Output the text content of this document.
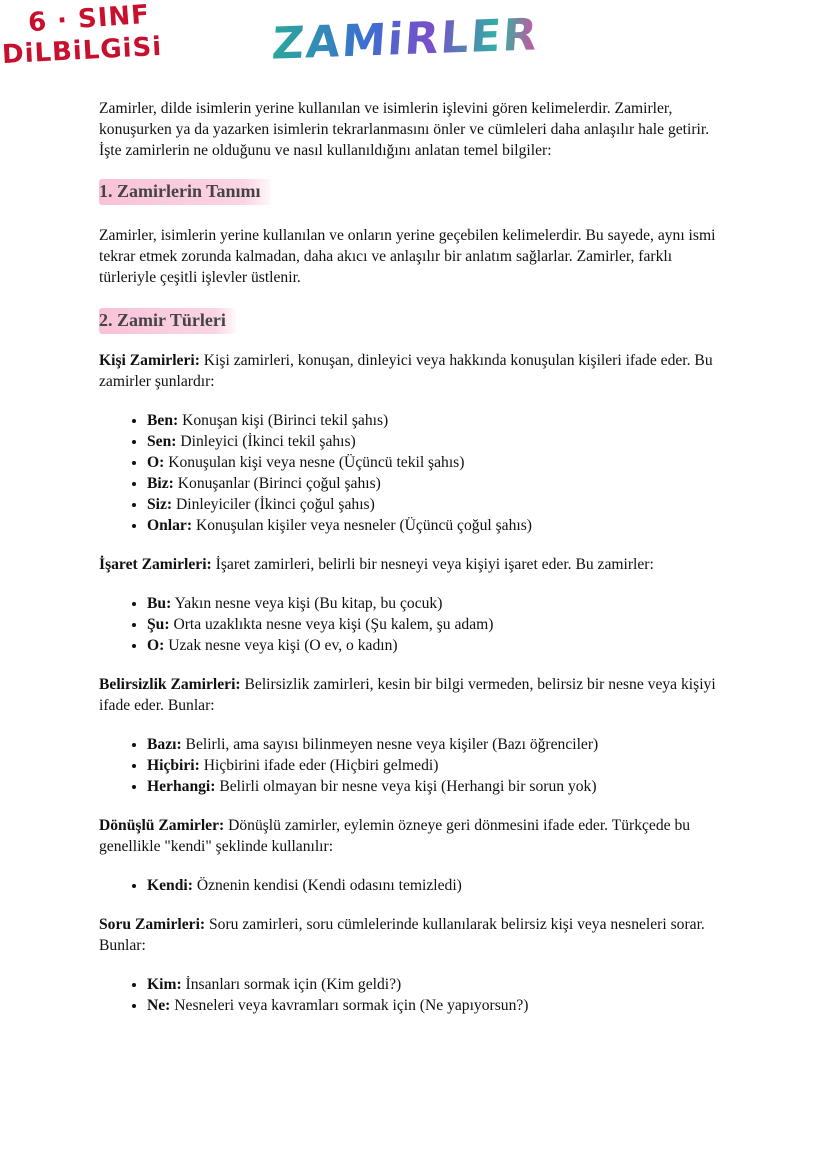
6 · SINF
DiLBiLGiSi ZAMiRLER

Zamirler, dilde isimlerin yerine kullanılan ve isimlerin işlevini gören kelimelerdir. Zamirler, konuşurken ya da yazarken isimlerin tekrarlanmasını önler ve cümleleri daha anlaşılır hale getirir. İşte zamirlerin ne olduğunu ve nasıl kullanıldığını anlatan temel bilgiler:

1. Zamirlerin Tanımı

Zamirler, isimlerin yerine kullanılan ve onların yerine geçebilen kelimelerdir. Bu sayede, aynı ismi tekrar etmek zorunda kalmadan, daha akıcı ve anlaşılır bir anlatım sağlarlar. Zamirler, farklı türleriyle çeşitli işlevler üstlenir.

2. Zamir Türleri

Kişi Zamirleri: Kişi zamirleri, konuşan, dinleyici veya hakkında konuşulan kişileri ifade eder. Bu zamirler şunlardır:

• Ben: Konuşan kişi (Birinci tekil şahıs)
• Sen: Dinleyici (İkinci tekil şahıs)
• O: Konuşulan kişi veya nesne (Üçüncü tekil şahıs)
• Biz: Konuşanlar (Birinci çoğul şahıs)
• Siz: Dinleyiciler (İkinci çoğul şahıs)
• Onlar: Konuşulan kişiler veya nesneler (Üçüncü çoğul şahıs)

İşaret Zamirleri: İşaret zamirleri, belirli bir nesneyi veya kişiyi işaret eder. Bu zamirler:

• Bu: Yakın nesne veya kişi (Bu kitap, bu çocuk)
• Şu: Orta uzaklıkta nesne veya kişi (Şu kalem, şu adam)
• O: Uzak nesne veya kişi (O ev, o kadın)

Belirsizlik Zamirleri: Belirsizlik zamirleri, kesin bir bilgi vermeden, belirsiz bir nesne veya kişiyi ifade eder. Bunlar:

• Bazı: Belirli, ama sayısı bilinmeyen nesne veya kişiler (Bazı öğrenciler)
• Hiçbiri: Hiçbirini ifade eder (Hiçbiri gelmedi)
• Herhangi: Belirli olmayan bir nesne veya kişi (Herhangi bir sorun yok)

Dönüşlü Zamirler: Dönüşlü zamirler, eylemin özneye geri dönmesini ifade eder. Türkçede bu genellikle "kendi" şeklinde kullanılır:

• Kendi: Öznenin kendisi (Kendi odasını temizledi)

Soru Zamirleri: Soru zamirleri, soru cümlelerinde kullanılarak belirsiz kişi veya nesneleri sorar. Bunlar:

• Kim: İnsanları sormak için (Kim geldi?)
• Ne: Nesneleri veya kavramları sormak için (Ne yapıyorsun?)
